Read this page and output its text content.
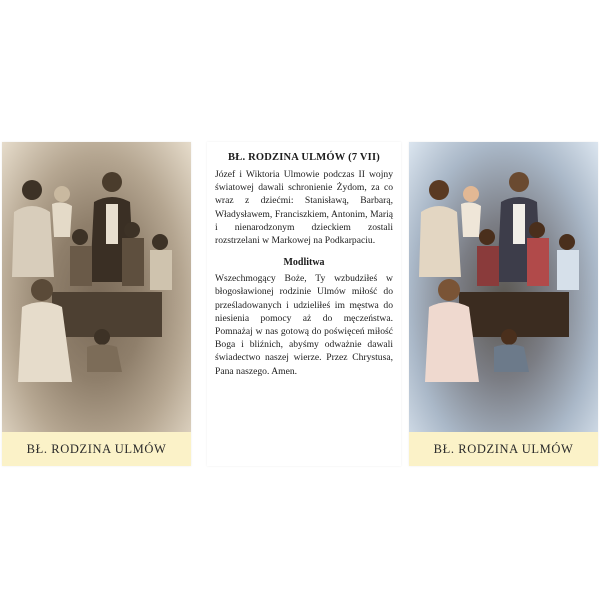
BŁ. RODZINA ULMÓW

BŁ. RODZINA ULMÓW (7 VII)

Józef i Wiktoria Ulmowie podczas II wojny światowej dawali schronienie Żydom, za co wraz z dziećmi: Stanisławą, Barbarą, Władysławem, Franciszkiem, Antonim, Marią i nienarodzonym dzieckiem zostali rozstrzelani w Markowej na Podkarpaciu.

Modlitwa

Wszechmogący Boże, Ty wzbudziłeś w błogosławionej rodzinie Ulmów miłość do prześladowanych i udzieliłeś im męstwa do niesienia pomocy aż do męczeństwa. Pomnażaj w nas gotową do poświęceń miłość Boga i bliźnich, abyśmy odważnie dawali świadectwo naszej wierze. Przez Chrystusa, Pana naszego. Amen.

BŁ. RODZINA ULMÓW
